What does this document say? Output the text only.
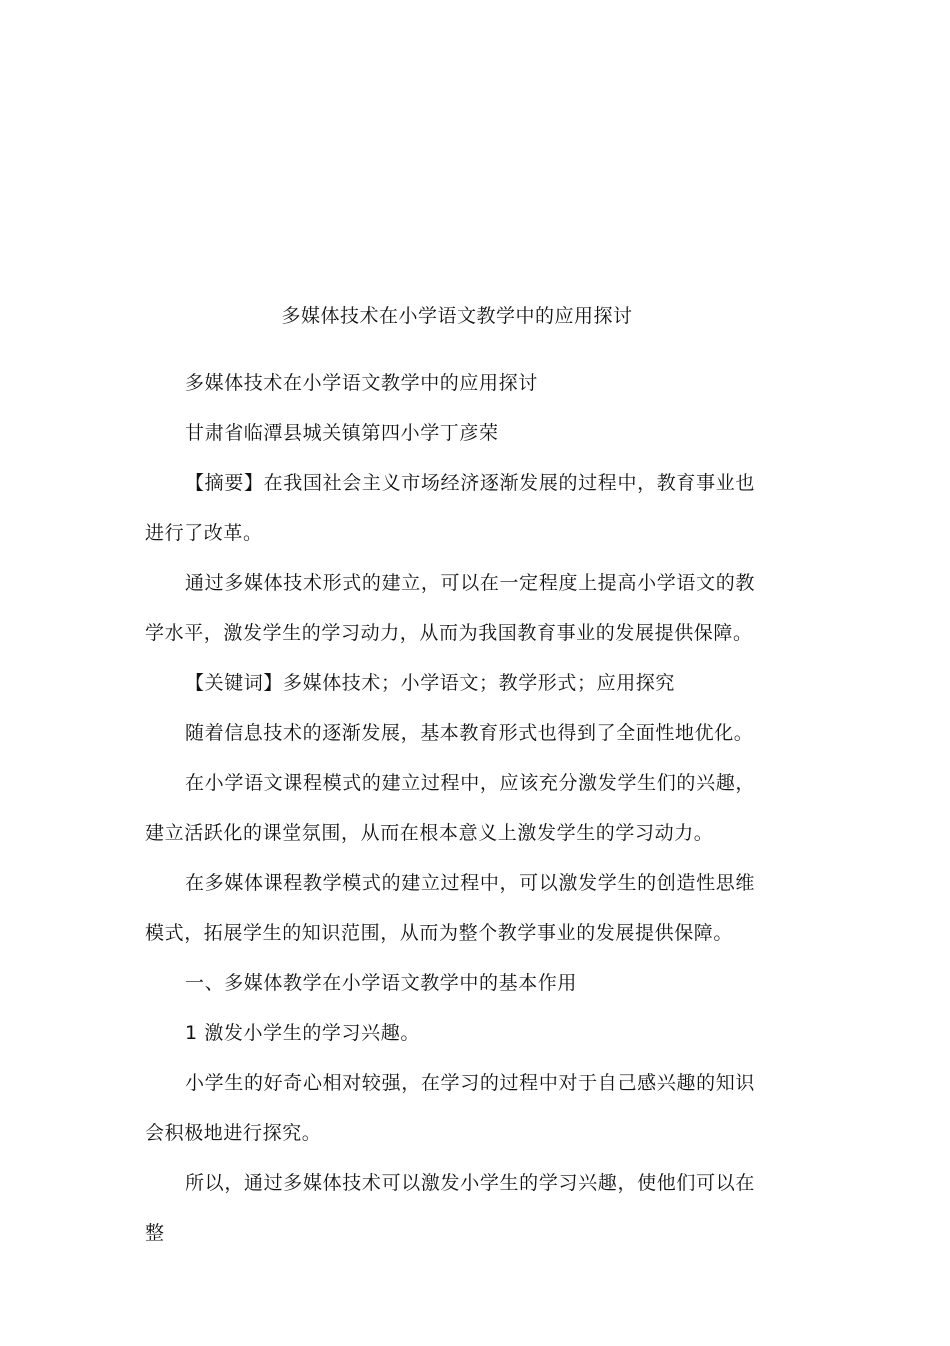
多媒体技术在小学语文教学中的应用探讨

多媒体技术在小学语文教学中的应用探讨

甘肃省临潭县城关镇第四小学丁彦荣

【摘要】在我国社会主义市场经济逐渐发展的过程中，教育事业也进行了改革。

通过多媒体技术形式的建立，可以在一定程度上提高小学语文的教学水平，激发学生的学习动力，从而为我国教育事业的发展提供保障。

【关键词】多媒体技术；小学语文；教学形式；应用探究

随着信息技术的逐渐发展，基本教育形式也得到了全面性地优化。

在小学语文课程模式的建立过程中，应该充分激发学生们的兴趣，建立活跃化的课堂氛围，从而在根本意义上激发学生的学习动力。

在多媒体课程教学模式的建立过程中，可以激发学生的创造性思维模式，拓展学生的知识范围，从而为整个教学事业的发展提供保障。

一、多媒体教学在小学语文教学中的基本作用

1 激发小学生的学习兴趣。

小学生的好奇心相对较强，在学习的过程中对于自己感兴趣的知识会积极地进行探究。

所以，通过多媒体技术可以激发小学生的学习兴趣，使他们可以在整
